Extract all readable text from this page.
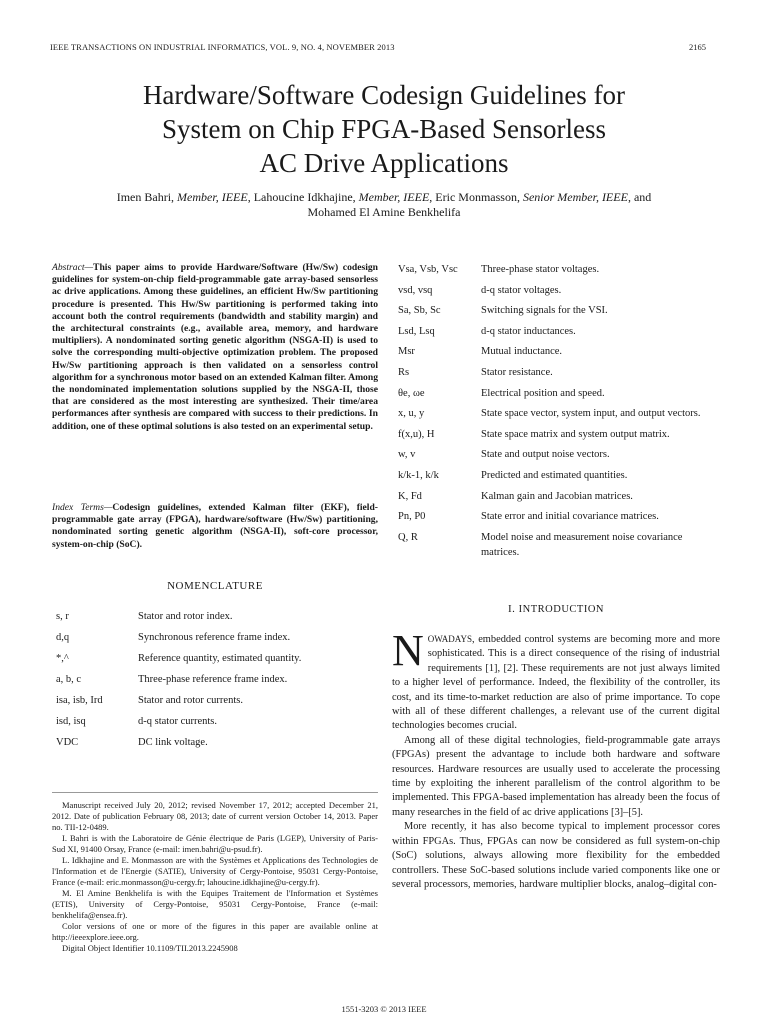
IEEE TRANSACTIONS ON INDUSTRIAL INFORMATICS, VOL. 9, NO. 4, NOVEMBER 2013	2165
Hardware/Software Codesign Guidelines for
System on Chip FPGA-Based Sensorless
AC Drive Applications
Imen Bahri, Member, IEEE, Lahoucine Idkhajine, Member, IEEE, Eric Monmasson, Senior Member, IEEE, and
Mohamed El Amine Benkhelifa
Abstract—This paper aims to provide Hardware/Software (Hw/Sw) codesign guidelines for system-on-chip field-programmable gate array-based sensorless ac drive applications. Among these guidelines, an efficient Hw/Sw partitioning procedure is presented. This Hw/Sw partitioning is performed taking into account both the control requirements (bandwidth and stability margin) and the architectural constraints (e.g., available area, memory, and hardware multipliers). A nondominated sorting genetic algorithm (NSGA-II) is used to solve the corresponding multi-objective optimization problem. The proposed Hw/Sw partitioning approach is then validated on a sensorless control algorithm for a synchronous motor based on an extended Kalman filter. Among the nondominated implementation solutions supplied by the NSGA-II, those that are considered as the most interesting are synthesized. Their time/area performances after synthesis are compared with success to their predictions. In addition, one of these optimal solutions is also tested on an experimental setup.
Index Terms—Codesign guidelines, extended Kalman filter (EKF), field-programmable gate array (FPGA), hardware/software (Hw/Sw) partitioning, nondominated sorting genetic algorithm (NSGA-II), soft-core processor, system-on-chip (SoC).
NOMENCLATURE
s, r	Stator and rotor index.
d,q	Synchronous reference frame index.
*,^	Reference quantity, estimated quantity.
a, b, c	Three-phase reference frame index.
isa, isb, Ird	Stator and rotor currents.
isd, isq	d-q stator currents.
VDC	DC link voltage.
Vsa, Vsb, Vsc	Three-phase stator voltages.
vsd, vsq	d-q stator voltages.
Sa, Sb, Sc	Switching signals for the VSI.
Lsd, Lsq	d-q stator inductances.
Msr	Mutual inductance.
Rs	Stator resistance.
θe, ωe	Electrical position and speed.
x, u, y	State space vector, system input, and output vectors.
f(x,u), H	State space matrix and system output matrix.
w, v	State and output noise vectors.
k/k-1, k/k	Predicted and estimated quantities.
K, Fd	Kalman gain and Jacobian matrices.
Pn, P0	State error and initial covariance matrices.
Q, R	Model noise and measurement noise covariance matrices.
I. INTRODUCTION

NOWADAYS, embedded control systems are becoming more and more sophisticated. This is a direct consequence of the rising of industrial requirements [1], [2]. These requirements are not just always limited to a higher level of performance. Indeed, the flexibility of the controller, its cost, and its time-to-market reduction are also of prime importance. To cope with all of these different challenges, a relevant use of the current digital technologies becomes crucial.

Among all of these digital technologies, field-programmable gate arrays (FPGAs) present the advantage to include both hardware and software resources. Hardware resources are usually used to accelerate the processing time by exploiting the inherent parallelism of the control algorithm to be implemented. This FPGA-based implementation has already been the focus of many researches in the field of ac drive applications [3]–[5].

More recently, it has also become typical to implement processor cores within FPGAs. Thus, FPGAs can now be considered as full system-on-chip (SoC) solutions, always allowing more flexibility for the embedded controllers. These SoC-based solutions include varied components like one or several processors, memories, hardware multiplier blocks, analog–digital con-

Manuscript received July 20, 2012; revised November 17, 2012; accepted December 21, 2012. Date of publication February 08, 2013; date of current version October 14, 2013. Paper no. TII-12-0489.

I. Bahri is with the Laboratoire de Génie électrique de Paris (LGEP), University of Paris-Sud XI, 91400 Orsay, France (e-mail: imen.bahri@u-psud.fr).

L. Idkhajine and E. Monmasson are with the Systèmes et Applications des Technologies de l'Information et de l'Energie (SATIE), University of Cergy-Pontoise, 95031 Cergy-Pontoise, France (e-mail: eric.monmasson@u-cergy.fr; lahoucine.idkhajine@u-cergy.fr).

M. El Amine Benkhelifa is with the Equipes Traitement de l'Information et Systèmes (ETIS), University of Cergy-Pontoise, 95031 Cergy-Pontoise, France (e-mail: benkhelifa@ensea.fr).

Color versions of one or more of the figures in this paper are available online at http://ieeexplore.ieee.org.

Digital Object Identifier 10.1109/TII.2013.2245908

1551-3203 © 2013 IEEE
